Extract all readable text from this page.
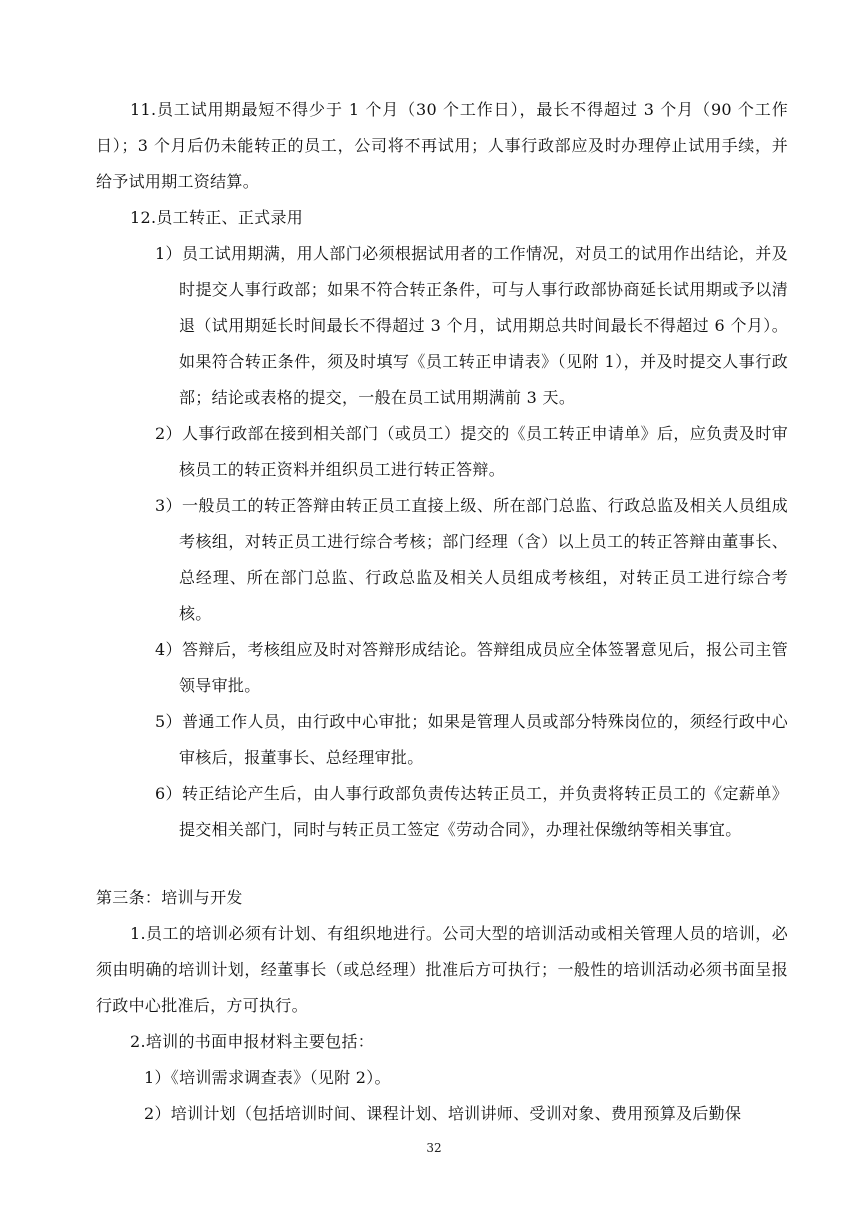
11.员工试用期最短不得少于 1 个月（30 个工作日），最长不得超过 3 个月（90 个工作日）；3 个月后仍未能转正的员工，公司将不再试用；人事行政部应及时办理停止试用手续，并给予试用期工资结算。

12.员工转正、正式录用

1）员工试用期满，用人部门必须根据试用者的工作情况，对员工的试用作出结论，并及时提交人事行政部；如果不符合转正条件，可与人事行政部协商延长试用期或予以清退（试用期延长时间最长不得超过 3 个月，试用期总共时间最长不得超过 6 个月）。如果符合转正条件，须及时填写《员工转正申请表》（见附 1），并及时提交人事行政部；结论或表格的提交，一般在员工试用期满前 3 天。

2）人事行政部在接到相关部门（或员工）提交的《员工转正申请单》后，应负责及时审核员工的转正资料并组织员工进行转正答辩。

3）一般员工的转正答辩由转正员工直接上级、所在部门总监、行政总监及相关人员组成考核组，对转正员工进行综合考核；部门经理（含）以上员工的转正答辩由董事长、总经理、所在部门总监、行政总监及相关人员组成考核组，对转正员工进行综合考核。

4）答辩后，考核组应及时对答辩形成结论。答辩组成员应全体签署意见后，报公司主管领导审批。

5）普通工作人员，由行政中心审批；如果是管理人员或部分特殊岗位的，须经行政中心审核后，报董事长、总经理审批。

6）转正结论产生后，由人事行政部负责传达转正员工，并负责将转正员工的《定薪单》提交相关部门，同时与转正员工签定《劳动合同》，办理社保缴纳等相关事宜。

第三条：培训与开发

1.员工的培训必须有计划、有组织地进行。公司大型的培训活动或相关管理人员的培训，必须由明确的培训计划，经董事长（或总经理）批准后方可执行；一般性的培训活动必须书面呈报行政中心批准后，方可执行。

2.培训的书面申报材料主要包括：

1）《培训需求调查表》（见附 2）。

2）培训计划（包括培训时间、课程计划、培训讲师、受训对象、费用预算及后勤保

32
